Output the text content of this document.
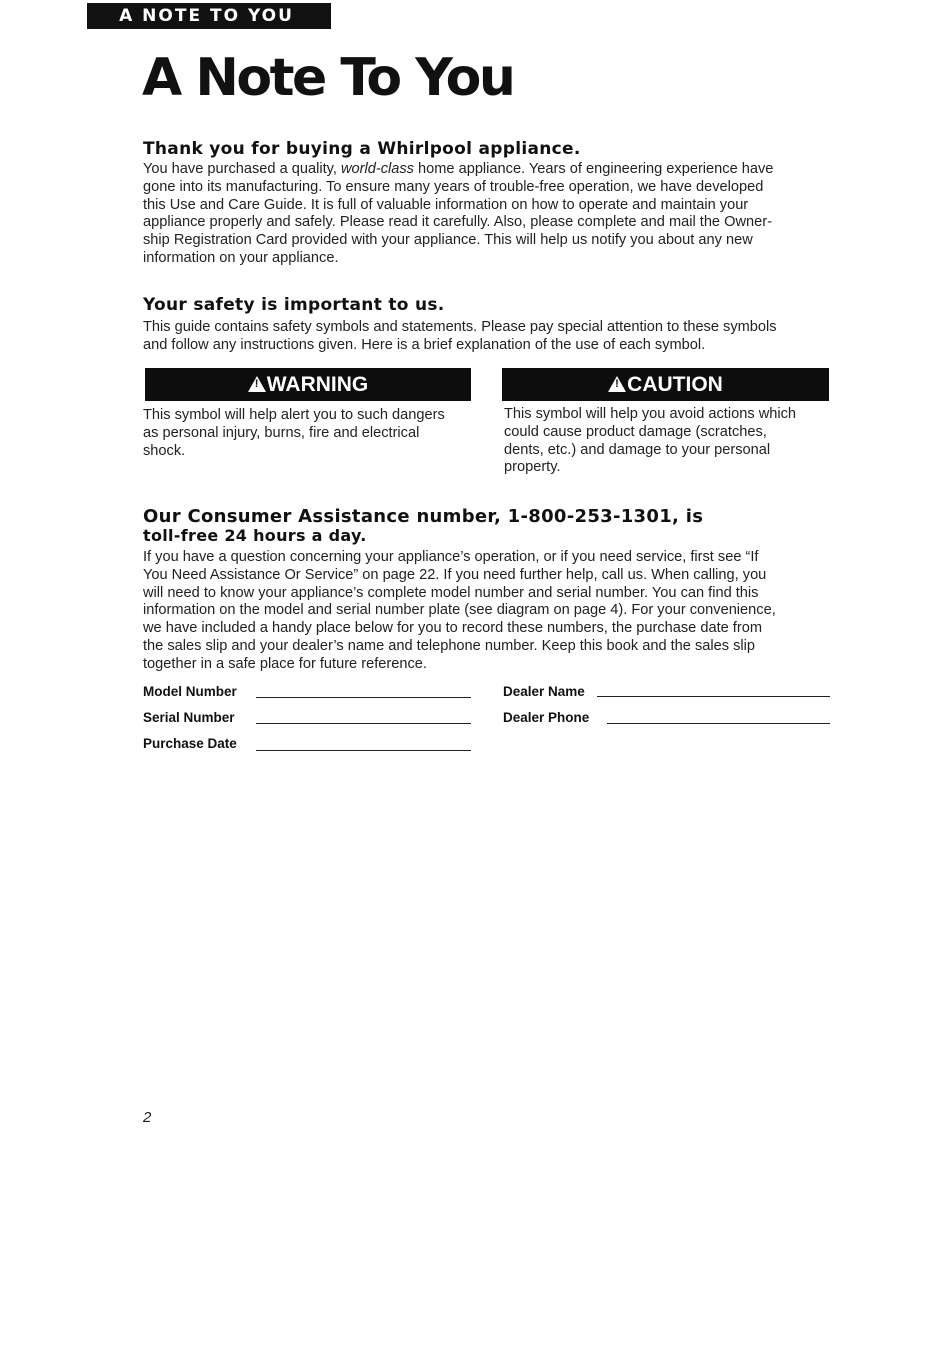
A NOTE TO YOU
A Note To You
Thank you for buying a Whirlpool appliance.
You have purchased a quality, world-class home appliance. Years of engineering experience have
gone into its manufacturing. To ensure many years of trouble-free operation, we have developed
this Use and Care Guide. It is full of valuable information on how to operate and maintain your
appliance properly and safely. Please read it carefully. Also, please complete and mail the Owner-
ship Registration Card provided with your appliance. This will help us notify you about any new
information on your appliance.
Your safety is important to us.
This guide contains safety symbols and statements. Please pay special attention to these symbols
and follow any instructions given. Here is a brief explanation of the use of each symbol.
!WARNING
!	CAUTION
This symbol will help alert you to such dangers
as personal injury, burns, fire and electrical
shock.
This symbol will help you avoid actions which
could cause product damage (scratches,
dents, etc.) and damage to your personal
property.
Our Consumer Assistance number, 1-800-253-1301, is
toll-free 24 hours a day.
If you have a question concerning your appliance’s operation, or if you need service, first see “If
You Need Assistance Or Service” on page 22. If you need further help, call us. When calling, you
will need to know your appliance’s complete model number and serial number. You can find this
information on the model and serial number plate (see diagram on page 4). For your convenience,
we have included a handy place below for you to record these numbers, the purchase date from
the sales slip and your dealer’s name and telephone number. Keep this book and the sales slip
together in a safe place for future reference.
Model Number
Serial Number
Purchase Date
Dealer Name
Dealer Phone
2
